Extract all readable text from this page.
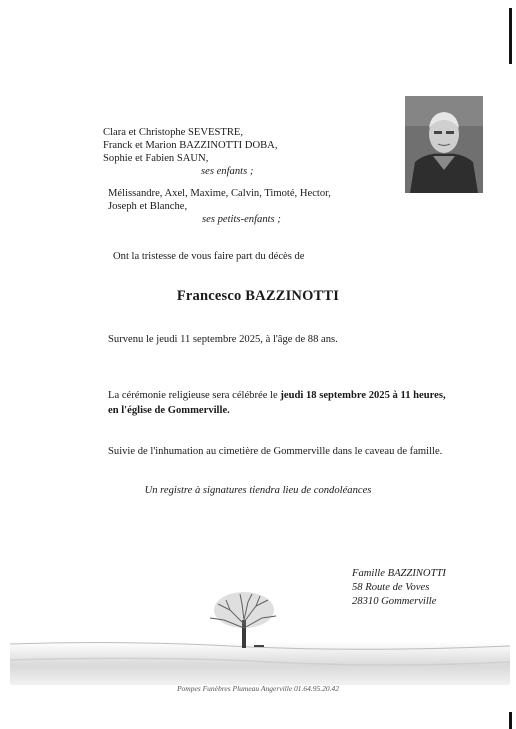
Clara et Christophe SEVESTRE,
Franck et Marion BAZZINOTTI DOBA,
Sophie et Fabien SAUN,
ses enfants ;
Mélissandre, Axel, Maxime, Calvin, Timoté, Hector,
Joseph et Blanche,
ses petits-enfants ;
Ont la tristesse de vous faire part du décès de
Francesco BAZZINOTTI
Survenu le jeudi 11 septembre 2025, à l'âge de 88 ans.
La cérémonie religieuse sera célébrée le jeudi 18 septembre 2025 à 11 heures,
en l'église de Gommerville.
Suivie de l'inhumation au cimetière de Gommerville dans le caveau de famille.
Un registre à signatures tiendra lieu de condoléances
Famille BAZZINOTTI
58 Route de Voves
28310 Gommerville
Pompes Funèbres Plumeau Angerville 01.64.95.20.42
